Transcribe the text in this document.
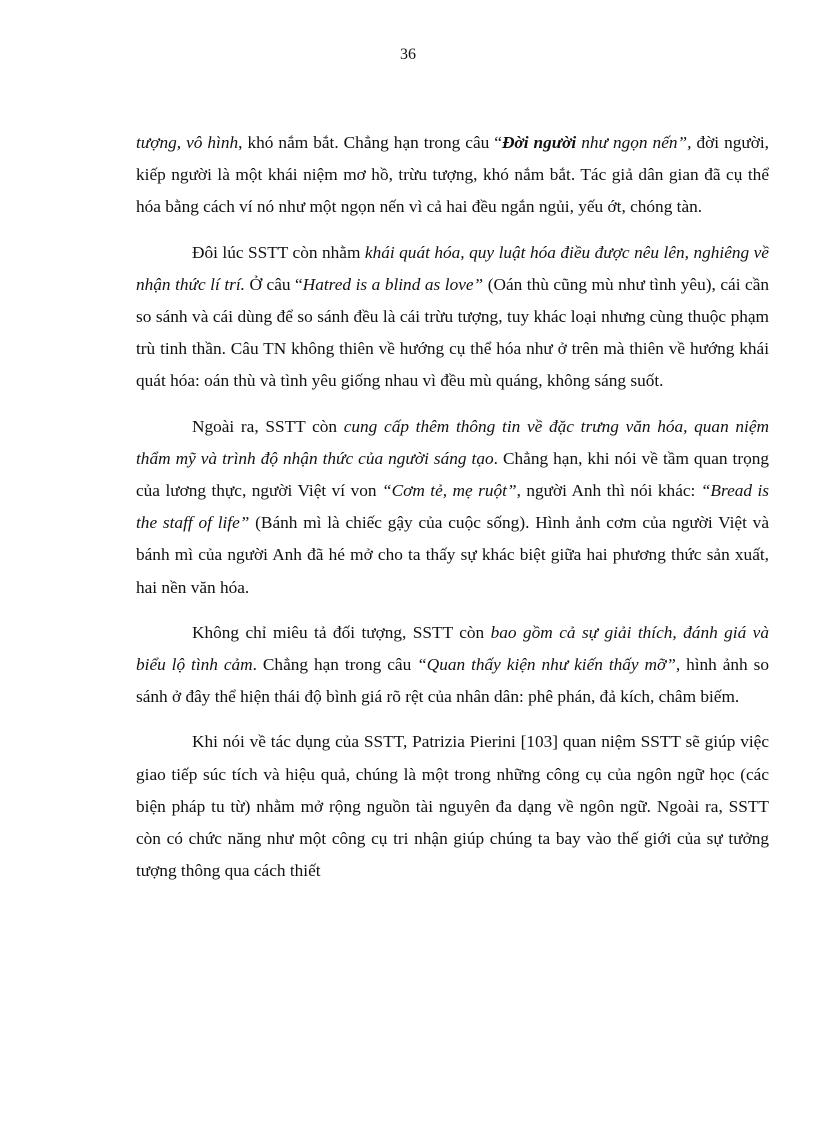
36

tượng, vô hình, khó nắm bắt. Chẳng hạn trong câu “Đời người như ngọn nến”, đời người, kiếp người là một khái niệm mơ hồ, trừu tượng, khó nắm bắt. Tác giả dân gian đã cụ thể hóa bằng cách ví nó như một ngọn nến vì cả hai đều ngắn ngủi, yếu ớt, chóng tàn.

Đôi lúc SSTT còn nhằm khái quát hóa, quy luật hóa điều được nêu lên, nghiêng về nhận thức lí trí. Ở câu “Hatred is a blind as love” (Oán thù cũng mù như tình yêu), cái cần so sánh và cái dùng để so sánh đều là cái trừu tượng, tuy khác loại nhưng cùng thuộc phạm trù tinh thần. Câu TN không thiên về hướng cụ thể hóa như ở trên mà thiên về hướng khái quát hóa: oán thù và tình yêu giống nhau vì đều mù quáng, không sáng suốt.

Ngoài ra, SSTT còn cung cấp thêm thông tin về đặc trưng văn hóa, quan niệm thẩm mỹ và trình độ nhận thức của người sáng tạo. Chẳng hạn, khi nói về tầm quan trọng của lương thực, người Việt ví von “Cơm tẻ, mẹ ruột”, người Anh thì nói khác: “Bread is the staff of life” (Bánh mì là chiếc gậy của cuộc sống). Hình ảnh cơm của người Việt và bánh mì của người Anh đã hé mở cho ta thấy sự khác biệt giữa hai phương thức sản xuất, hai nền văn hóa.

Không chỉ miêu tả đối tượng, SSTT còn bao gồm cả sự giải thích, đánh giá và biểu lộ tình cảm. Chẳng hạn trong câu “Quan thấy kiện như kiến thấy mỡ”, hình ảnh so sánh ở đây thể hiện thái độ bình giá rõ rệt của nhân dân: phê phán, đả kích, châm biếm.

Khi nói về tác dụng của SSTT, Patrizia Pierini [103] quan niệm SSTT sẽ giúp việc giao tiếp súc tích và hiệu quả, chúng là một trong những công cụ của ngôn ngữ học (các biện pháp tu từ) nhằm mở rộng nguồn tài nguyên đa dạng về ngôn ngữ. Ngoài ra, SSTT còn có chức năng như một công cụ tri nhận giúp chúng ta bay vào thế giới của sự tưởng tượng thông qua cách thiết
